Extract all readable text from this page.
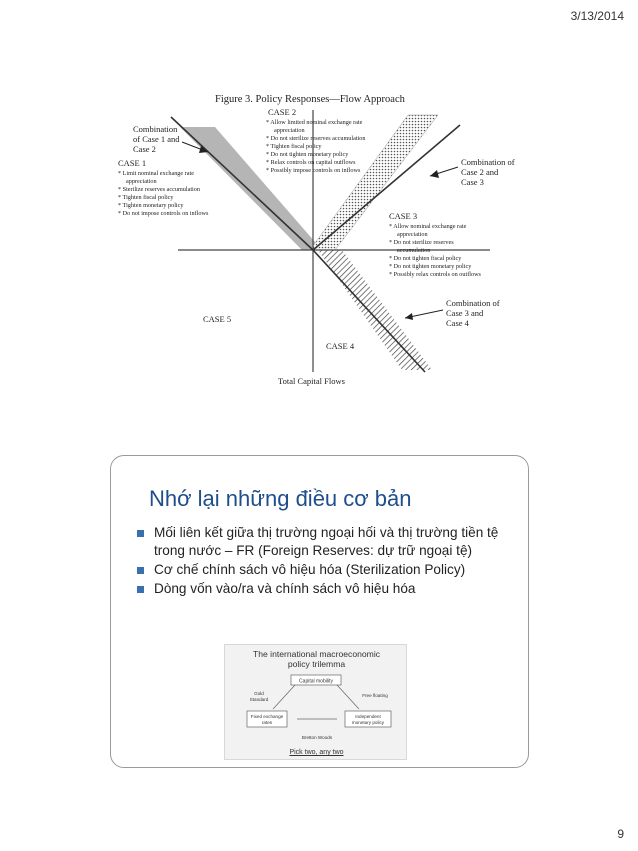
3/13/2014
Figure 3. Policy Responses—Flow Approach
CASE 2
* Allow limited nominal exchange rate
appreciation
* Do not sterilize reserves accumulation
* Tighten fiscal policy
* Do not tighten monetary policy
* Relax controls on capital outflows
* Possibly impose controls on inflows
Combination
of Case 1 and
Case 2
CASE 1
* Limit nominal exchange rate
appreciation
* Sterilize reserves accumulation
* Tighten fiscal policy
* Tighten monetary policy
* Do not impose controls on inflows
Combination of
Case 2 and
Case 3
CASE 3
* Allow nominal exchange rate
appreciation
* Do not sterilize reserves
accumulation
* Do not tighten fiscal policy
* Do not tighten monetary policy
* Possibly relax controls on outflows
Combination of
Case 3 and
Case 4
CASE 5
CASE 4
Total Capital Flows
Nhớ lại những điều cơ bản
Mối liên kết giữa thị trường ngoại hối và thị trường tiền tệ trong nước – FR (Foreign Reserves: dự trữ ngoại tệ)
Cơ chế chính sách vô hiệu hóa (Sterilization Policy)
Dòng vốn vào/ra và chính sách vô hiệu hóa
The international macroeconomic
policy trilemma
Capital mobility
Fixed exchange
rates
Independent
monetary policy
Gold
Standard
Free floating
Bretton Woods
Pick two, any two
9
